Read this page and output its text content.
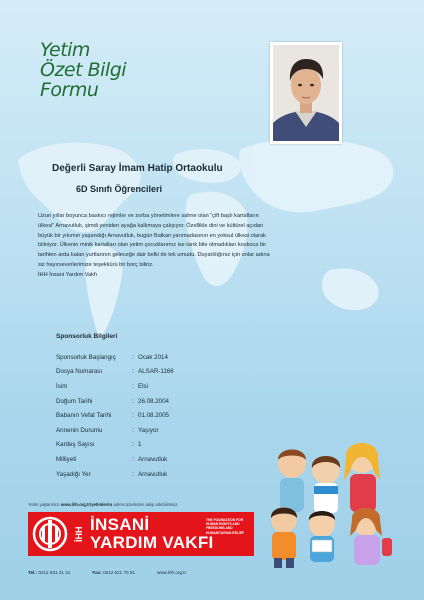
Yetim
Özet Bilgi
Formu
Değerli Saray İmam Hatip Ortaokulu
6D Sınıfı Öğrencileri

Uzun yıllar boyunca baskıcı rejimler ve zorba yönetimlere sahne olan “çift başlı kartalların

ülkesi” Arnavutluk, şimdi yeniden ayağa kalkmaya çalışıyor. Özellikle dini ve kültürel açıdan

büyük bir yıkımın yaşandığı Arnavutluk, bugün Balkan yarımadasının en yoksul ülkesi olarak

biliniyor. Ülkenin minik kartalları olan yetim çocuklarımız ise tarık bile olmadıkları koskoca bir

tarihten arda kalan yurtlarının geleceğe dair belki de tek umudu. Duyarlılığınız için onlar adına

siz hayırseverlerimize teşekkürü bir borç biliriz.

İHH İnsani Yardım Vakfı

Sponsorluk Bilgileri
Sponsorluk Başlangıç	: Ocak 2014
Dosya Numarası	: ALSAR-1166
İsim	: Elsi
Doğum Tarihi	: 26.08.2004
Babanın Vefat Tarihi	: 01.08.2005
Annenin Durumu	: Yaşıyor
Kardeş Sayısı	: 1
Milliyeti	: Arnavutluk
Yaşadığı Yer	: Arnavutluk
Yetim yaşlarımızı www.ihh.org.tr/yetimlerim adresi üzerinden takip edebilirsiniz.
İHH İNSANİ
YARDIM VAKFI
THE FOUNDATION FOR HUMAN RIGHTS AND FREEDOMS AND HUMANITARIAN RELIEF
Tel.: 0212 631 21 21	Fax: 0212 621 70 51	www.ihh.org.tr
